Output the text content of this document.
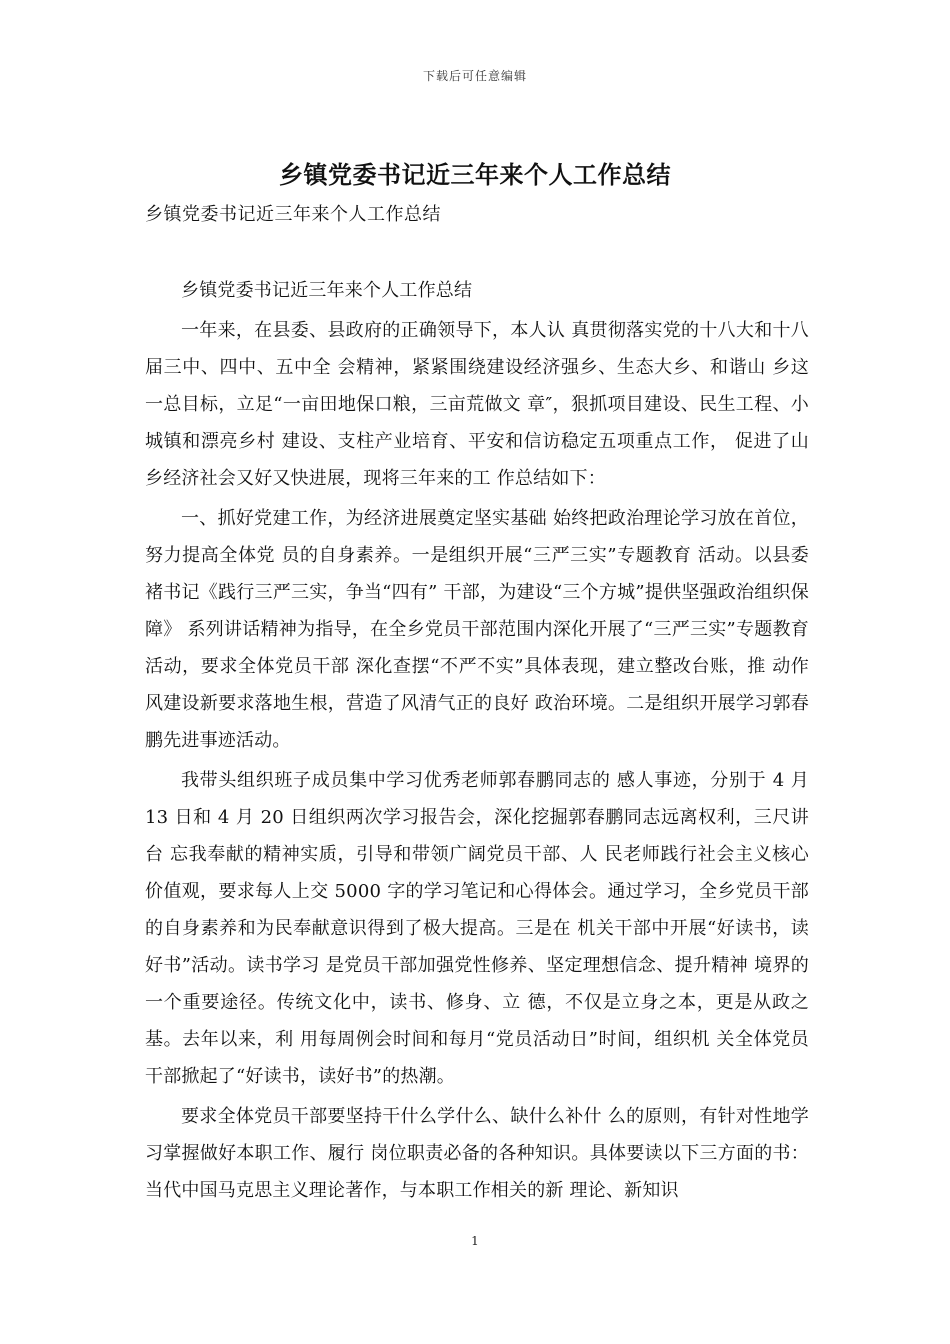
下载后可任意编辑
乡镇党委书记近三年来个人工作总结
乡镇党委书记近三年来个人工作总结

乡镇党委书记近三年来个人工作总结

一年来，在县委、县政府的正确领导下，本人认 真贯彻落实党的十八大和十八届三中、四中、五中全 会精神，紧紧围绕建设经济强乡、生态大乡、和谐山 乡这一总目标，立足“一亩田地保口粮，三亩荒做文 章″，狠抓项目建设、民生工程、小城镇和漂亮乡村 建设、支柱产业培育、平安和信访稳定五项重点工作， 促进了山乡经济社会又好又快进展，现将三年来的工 作总结如下：

一、抓好党建工作，为经济进展奠定坚实基础 始终把政治理论学习放在首位，努力提高全体党 员的自身素养。一是组织开展“三严三实”专题教育 活动。以县委褚书记《践行三严三实，争当“四有” 干部，为建设“三个方城”提供坚强政治组织保障》 系列讲话精神为指导，在全乡党员干部范围内深化开展了“三严三实”专题教育活动，要求全体党员干部 深化查摆“不严不实”具体表现，建立整改台账，推 动作风建设新要求落地生根，营造了风清气正的良好 政治环境。二是组织开展学习郭春鹏先进事迹活动。

我带头组织班子成员集中学习优秀老师郭春鹏同志的 感人事迹，分别于 4 月 13 日和 4 月 20 日组织两次学习报告会，深化挖掘郭春鹏同志远离权利，三尺讲台 忘我奉献的精神实质，引导和带领广阔党员干部、人 民老师践行社会主义核心价值观，要求每人上交 5000 字的学习笔记和心得体会。通过学习，全乡党员干部 的自身素养和为民奉献意识得到了极大提高。三是在 机关干部中开展“好读书，读好书”活动。读书学习 是党员干部加强党性修养、坚定理想信念、提升精神 境界的一个重要途径。传统文化中，读书、修身、立 德，不仅是立身之本，更是从政之基。去年以来，利 用每周例会时间和每月“党员活动日”时间，组织机 关全体党员干部掀起了“好读书，读好书”的热潮。

要求全体党员干部要坚持干什么学什么、缺什么补什 么的原则，有针对性地学习掌握做好本职工作、履行 岗位职责必备的各种知识。具体要读以下三方面的书： 当代中国马克思主义理论著作，与本职工作相关的新 理论、新知识

1
